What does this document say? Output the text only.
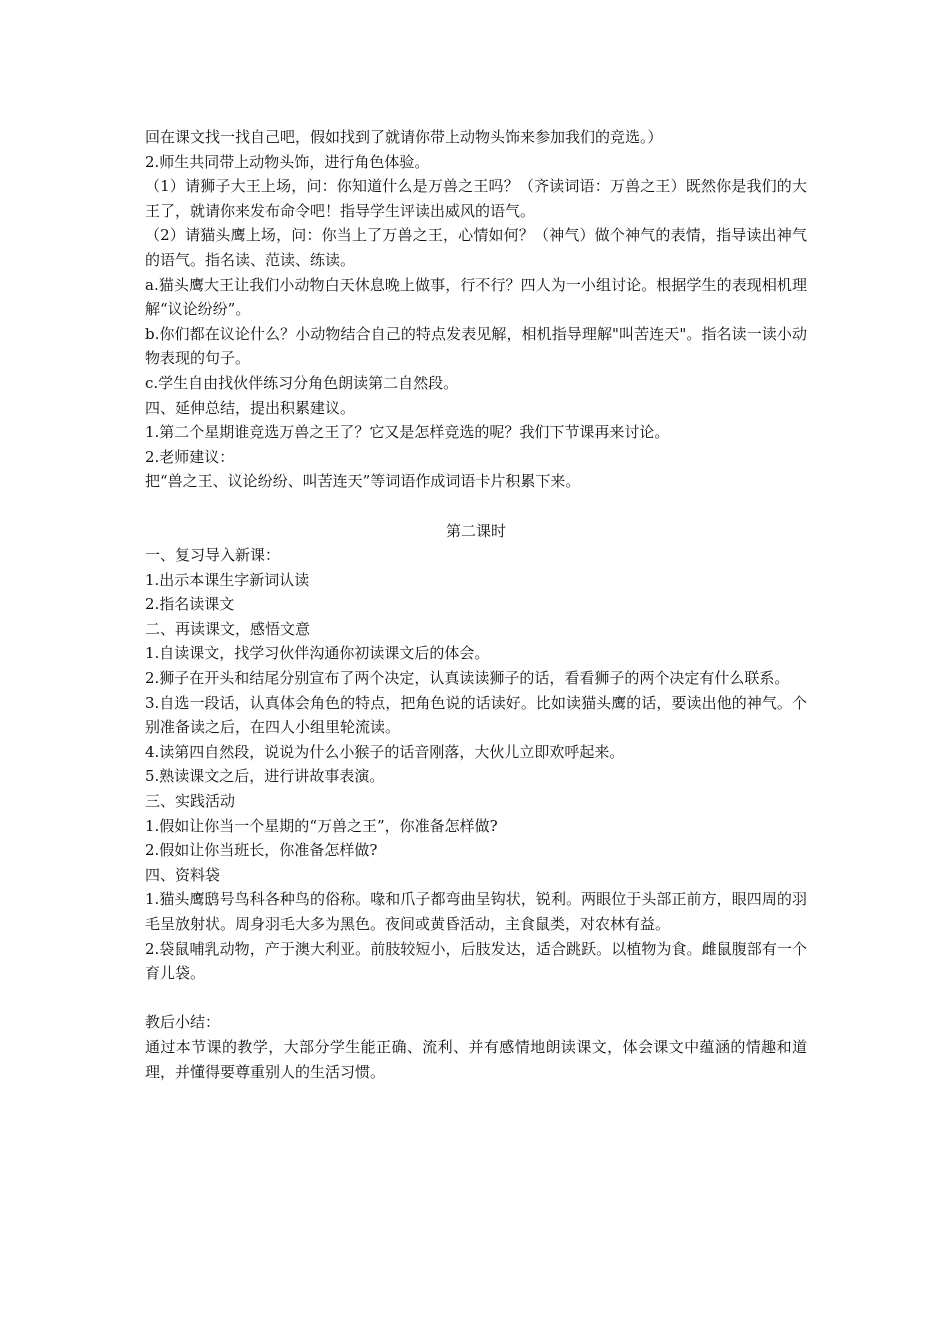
回在课文找一找自己吧，假如找到了就请你带上动物头饰来参加我们的竞选。）

2.师生共同带上动物头饰，进行角色体验。

（1）请狮子大王上场，问：你知道什么是万兽之王吗？（齐读词语：万兽之王）既然你是我们的大王了，就请你来发布命令吧！指导学生评读出威风的语气。

（2）请猫头鹰上场，问：你当上了万兽之王，心情如何？（神气）做个神气的表情，指导读出神气的语气。指名读、范读、练读。

a.猫头鹰大王让我们小动物白天休息晚上做事，行不行？四人为一小组讨论。根据学生的表现相机理解“议论纷纷”。

b.你们都在议论什么？小动物结合自己的特点发表见解，相机指导理解"叫苦连天"。指名读一读小动物表现的句子。

c.学生自由找伙伴练习分角色朗读第二自然段。

四、延伸总结，提出积累建议。

1.第二个星期谁竞选万兽之王了？它又是怎样竞选的呢？我们下节课再来讨论。

2.老师建议：

把“兽之王、议论纷纷、叫苦连天”等词语作成词语卡片积累下来。

第二课时

一、复习导入新课：

1.出示本课生字新词认读

2.指名读课文

二、再读课文，感悟文意

1.自读课文，找学习伙伴沟通你初读课文后的体会。

2.狮子在开头和结尾分别宣布了两个决定，认真读读狮子的话，看看狮子的两个决定有什么联系。

3.自选一段话，认真体会角色的特点，把角色说的话读好。比如读猫头鹰的话，要读出他的神气。个别准备读之后，在四人小组里轮流读。

4.读第四自然段，说说为什么小猴子的话音刚落，大伙儿立即欢呼起来。

5.熟读课文之后，进行讲故事表演。

三、实践活动

1.假如让你当一个星期的“万兽之王”，你准备怎样做?

2.假如让你当班长，你准备怎样做?

四、资料袋

1.猫头鹰鸱号鸟科各种鸟的俗称。喙和爪子都弯曲呈钩状，锐利。两眼位于头部正前方，眼四周的羽毛呈放射状。周身羽毛大多为黑色。夜间或黄昏活动，主食鼠类，对农林有益。

2.袋鼠哺乳动物，产于澳大利亚。前肢较短小，后肢发达，适合跳跃。以植物为食。雌鼠腹部有一个育儿袋。

教后小结：

通过本节课的教学，大部分学生能正确、流利、并有感情地朗读课文，体会课文中蕴涵的情趣和道理，并懂得要尊重别人的生活习惯。
